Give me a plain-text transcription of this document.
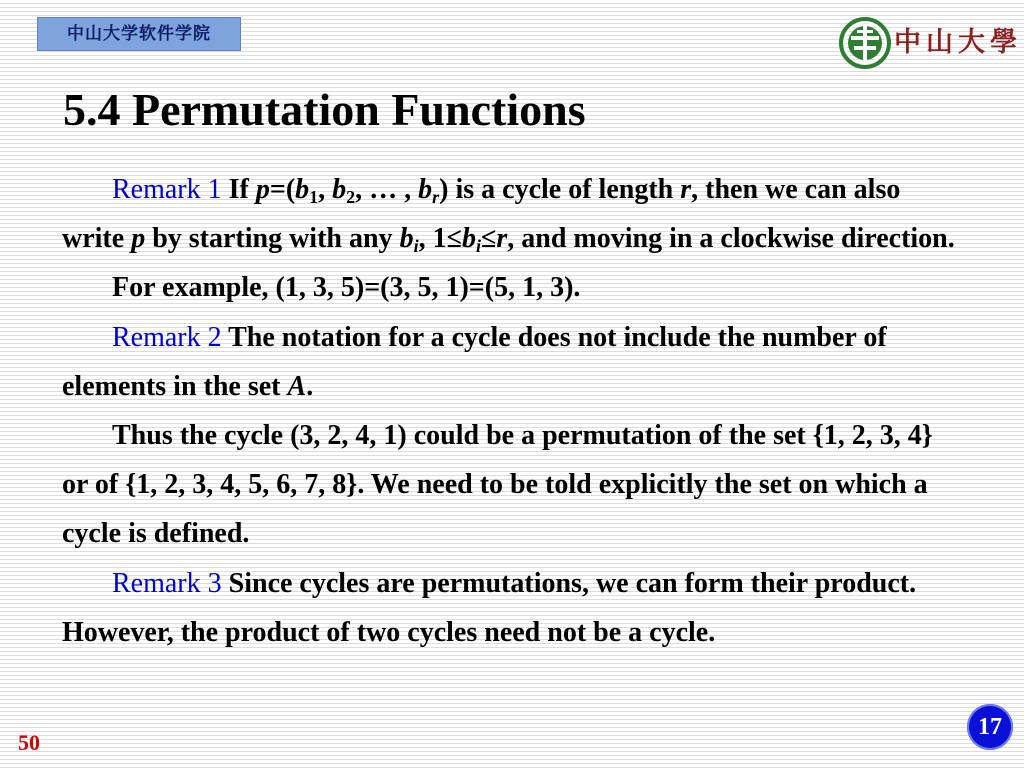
中山大学软件学院	中山大學
5.4 Permutation Functions

Remark 1 If $p=(b_1$, $b_2$, … , $b_r$) is a cycle of length r, then we can also write p by starting with any $b_i$, $1\le b_i\le r$, and moving in a clockwise direction.

For example, (1, 3, 5)=(3, 5, 1)=(5, 1, 3).

Remark 2 The notation for a cycle does not include the number of elements in the set A.

Thus the cycle (3, 2, 4, 1) could be a permutation of the set {1, 2, 3, 4} or of {1, 2, 3, 4, 5, 6, 7, 8}. We need to be told explicitly the set on which a cycle is defined.

Remark 3 Since cycles are permutations, we can form their product. However, the product of two cycles need not be a cycle.

50
17
